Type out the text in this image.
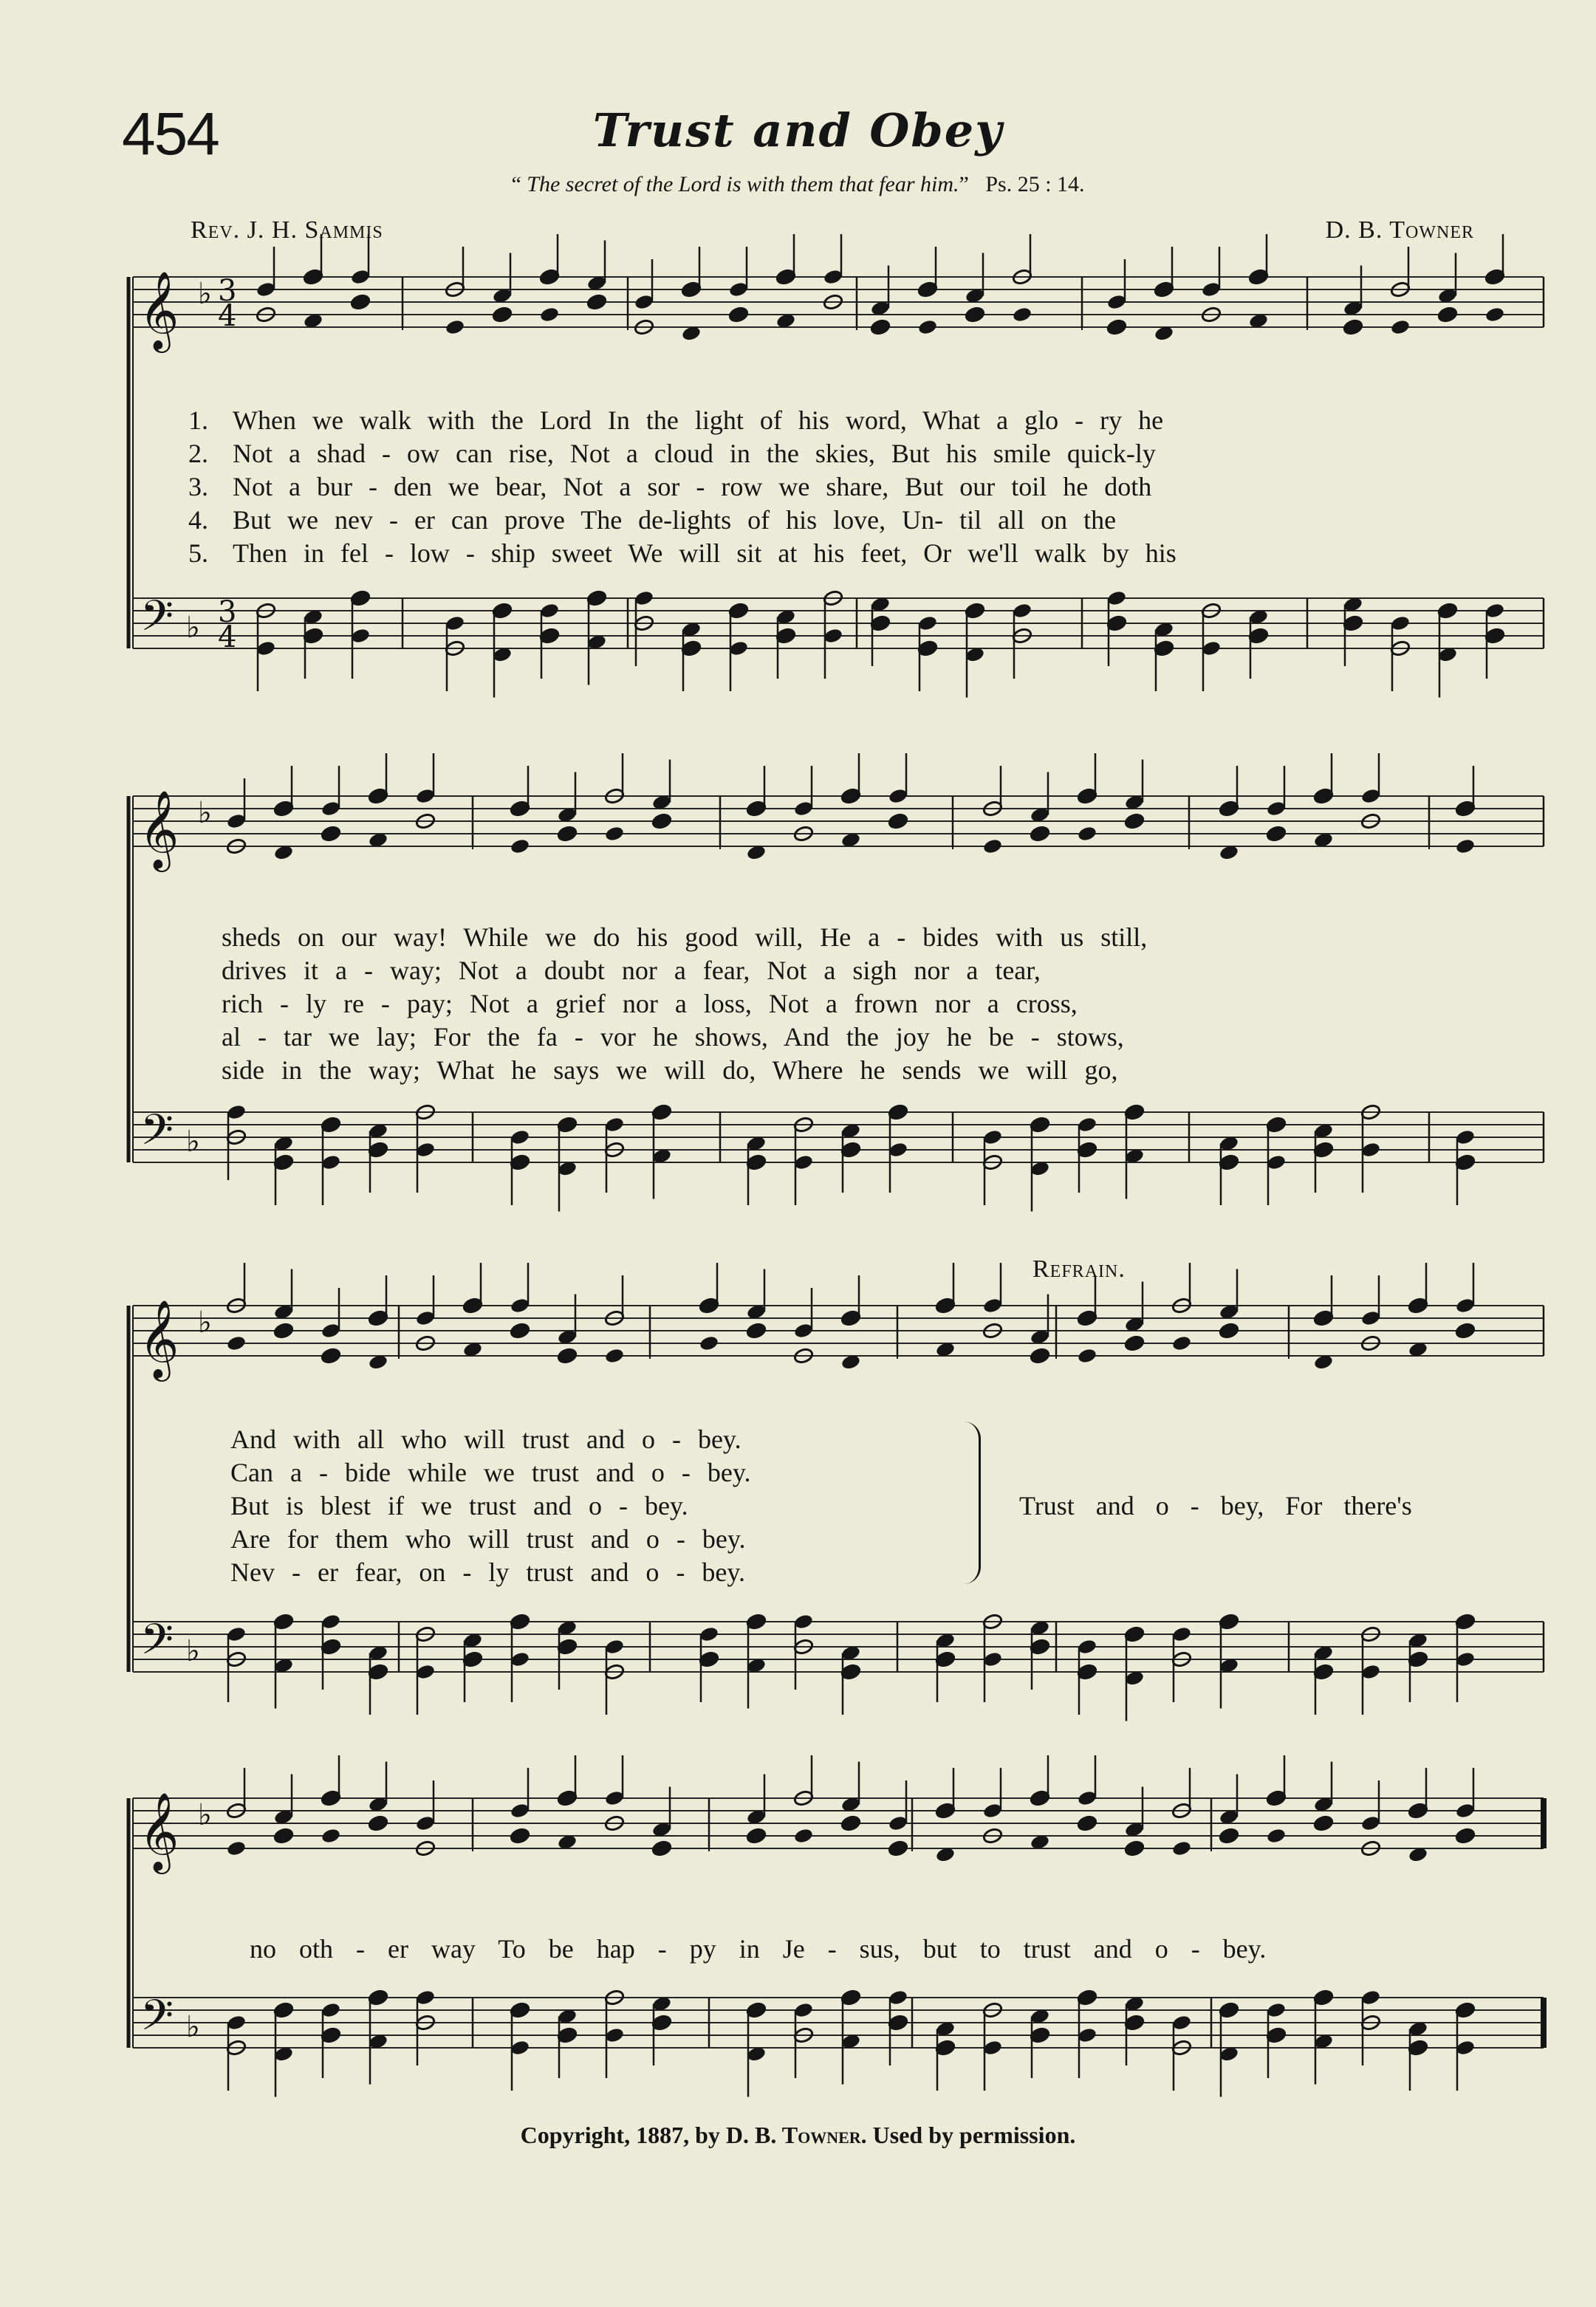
454	Trust and Obey
“ The secret of the Lord is with them that fear him.”   Ps. 25 : 14.
Rev. J. H. Sammis	D. B. Towner
Refrain.
𝄞 ♭ 3
4
𝄢 ♭ 3
4
𝄞 ♭
𝄢 ♭
𝄞 ♭
𝄢 ♭
𝄞 ♭
𝄢 ♭
1. When we walk with the Lord In the light of his word, What a glo - ry he
2. Not a shad - ow can rise, Not a cloud in the skies, But his smile quick-ly
3. Not a bur - den we bear, Not a sor - row we share, But our toil he doth
4. But we nev - er can prove The de-lights of his love, Un- til all on the
5. Then in fel - low - ship sweet We will sit at his feet, Or we'll walk by his
sheds on our way! While we do his good will, He a - bides with us still,
drives it a - way; Not a doubt nor a fear, Not a sigh nor a tear,
rich - ly re - pay; Not a grief nor a loss, Not a frown nor a cross,
al - tar we lay; For the fa - vor he shows, And the joy he be - stows,
side in the way; What he says we will do, Where he sends we will go,
And with all who will trust and o - bey.
Can a - bide while we trust and o - bey.
But is blest if we trust and o - bey.
Are for them who will trust and o - bey.
Nev - er fear, on - ly trust and o - bey.
Trust and o - bey, For there's
no oth - er way To be hap - py in Je - sus, but to trust and o - bey.
Copyright, 1887, by D. B. Towner. Used by permission.
